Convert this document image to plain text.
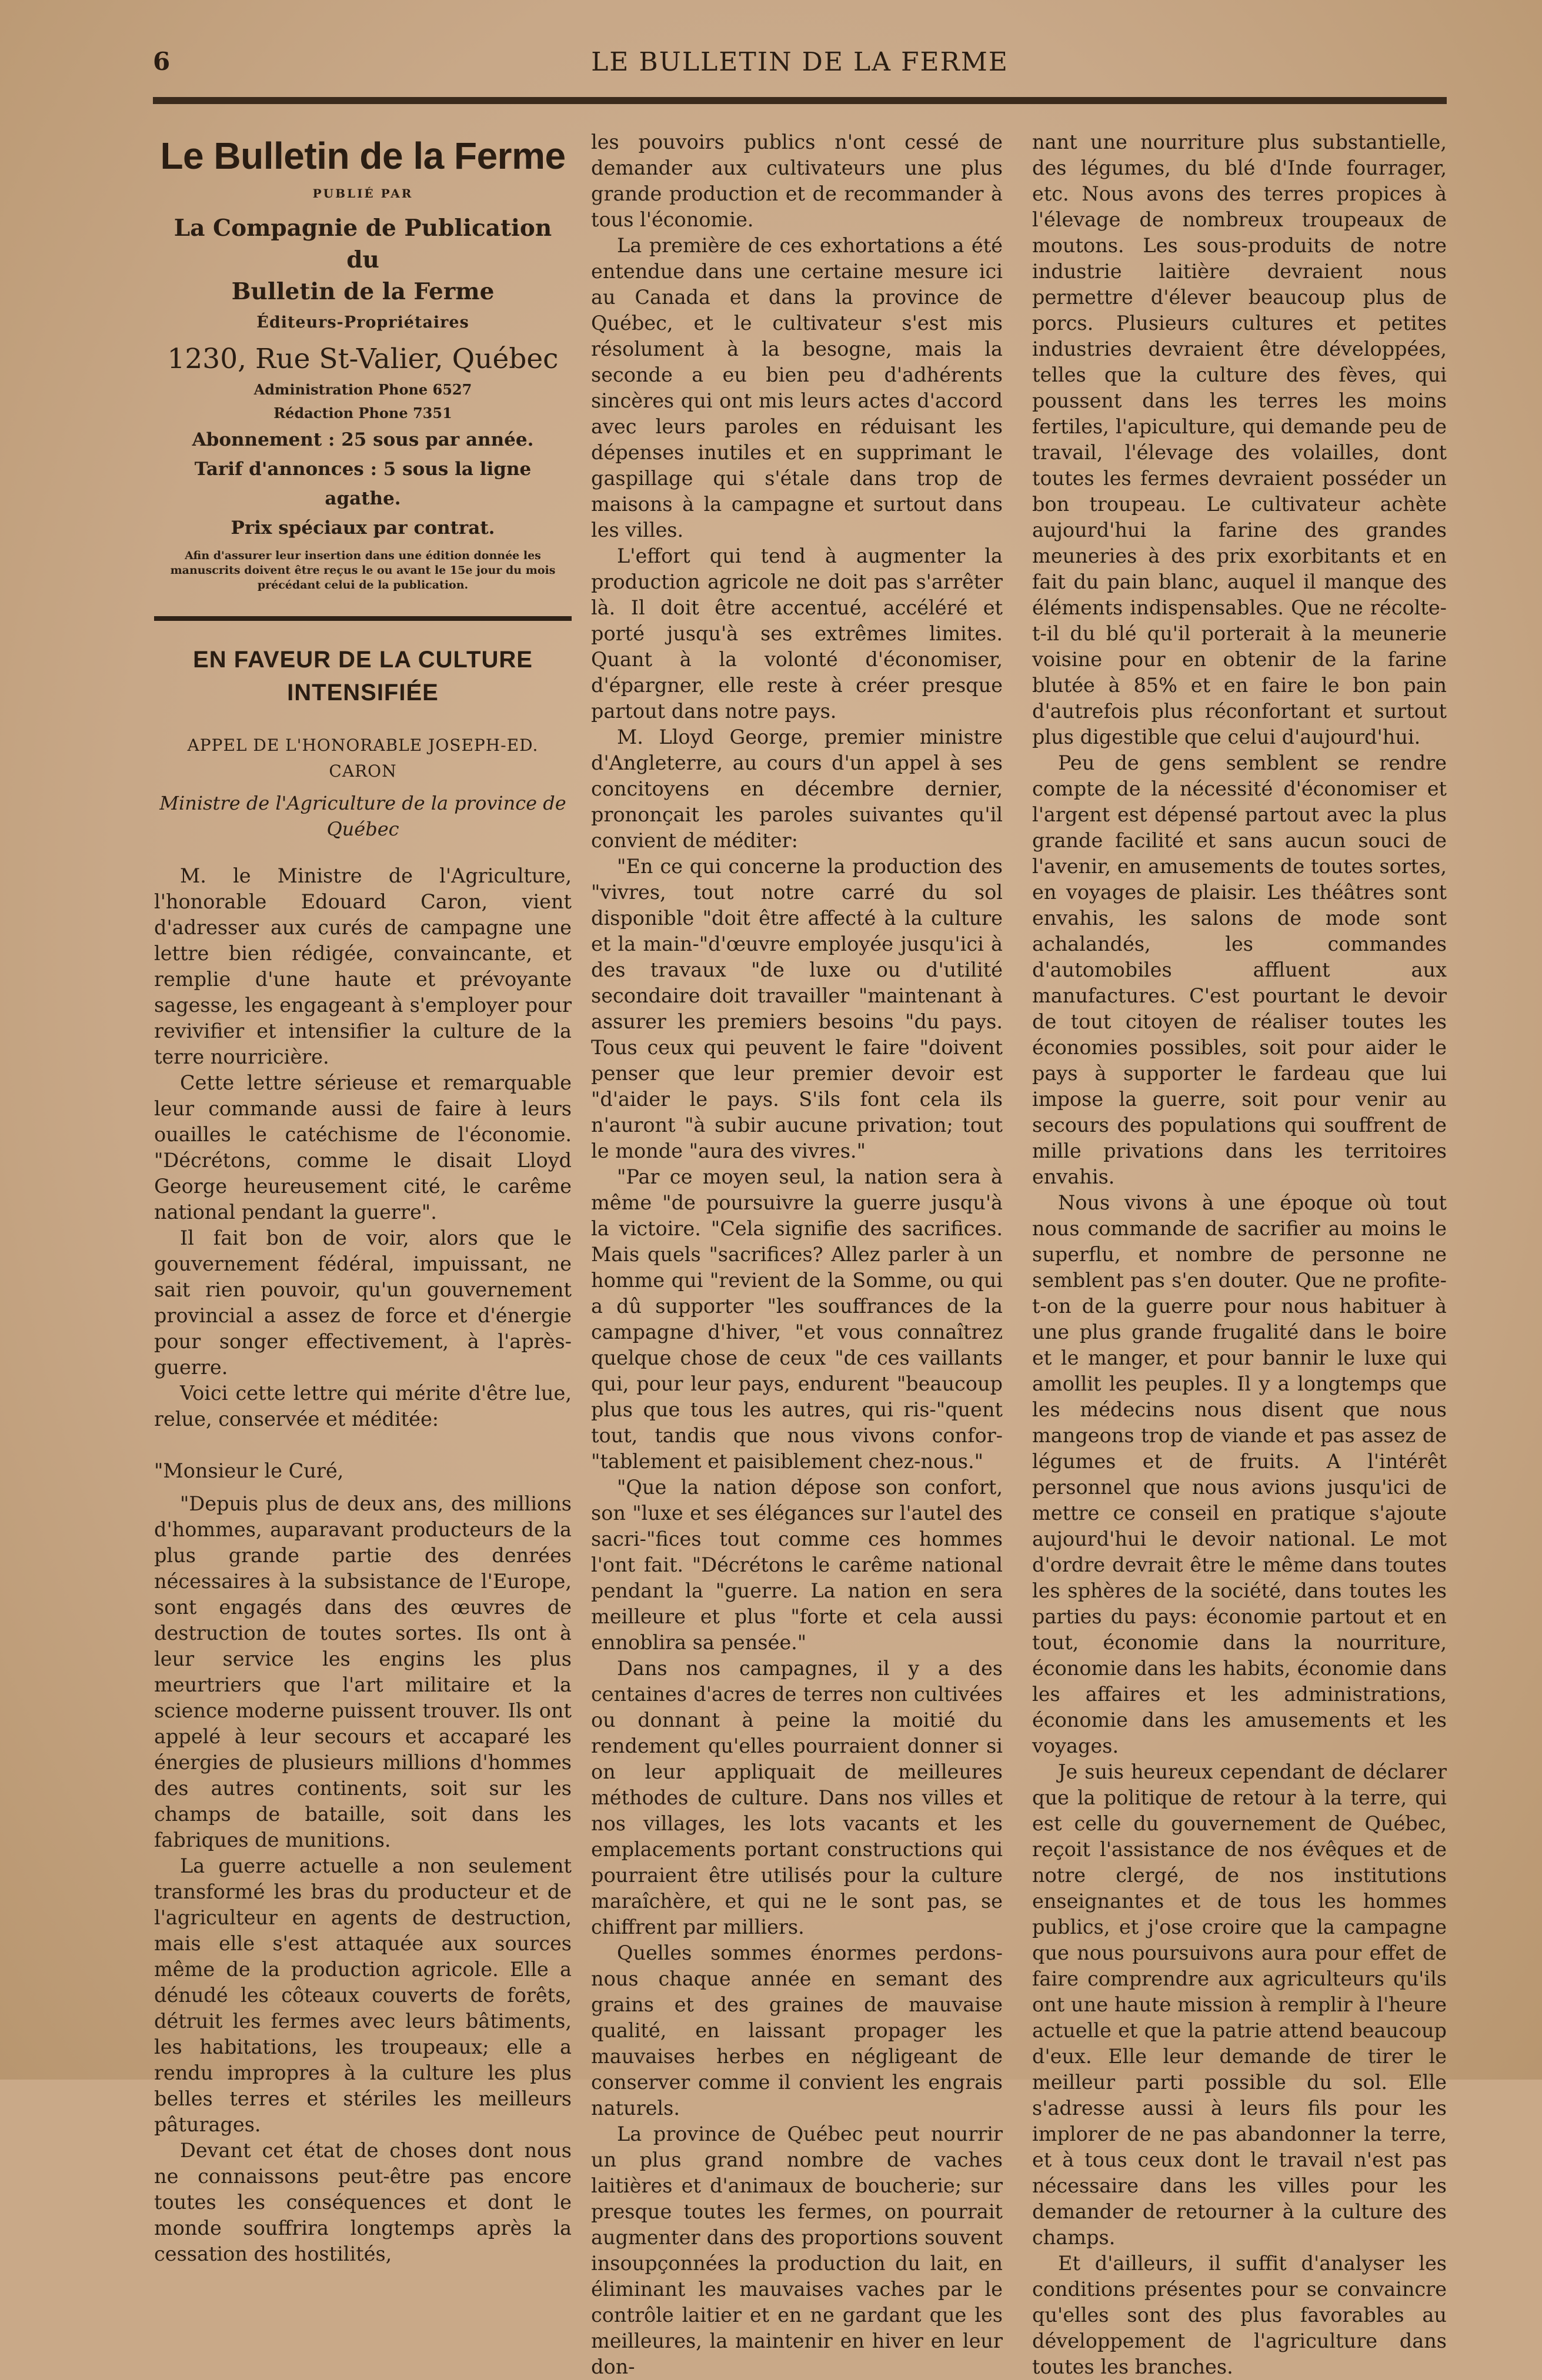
6	LE BULLETIN DE LA FERME
Le Bulletin de la Ferme
PUBLIÉ PAR
La Compagnie de Publication du
Bulletin de la Ferme
Éditeurs-Propriétaires
1230, Rue St-Valier, Québec
Administration Phone 6527
Rédaction Phone 7351
Abonnement : 25 sous par année.
Tarif d'annonces : 5 sous la ligne agathe.
Prix spéciaux par contrat.
Afin d'assurer leur insertion dans une édition donnée les manuscrits doivent être reçus le ou avant le 15e jour du mois précédant celui de la publication.
EN FAVEUR DE LA CULTURE INTENSIFIÉE
APPEL DE L'HONORABLE JOSEPH-ED. CARON
Ministre de l'Agriculture de la province de Québec

M. le Ministre de l'Agriculture, l'honorable Edouard Caron, vient d'adresser aux curés de campagne une lettre bien rédigée, convaincante, et remplie d'une haute et prévoyante sagesse, les engageant à s'employer pour revivifier et intensifier la culture de la terre nourricière.

Cette lettre sérieuse et remarquable leur commande aussi de faire à leurs ouailles le catéchisme de l'économie. "Décrétons, comme le disait Lloyd George heureusement cité, le carême national pendant la guerre".

Il fait bon de voir, alors que le gouvernement fédéral, impuissant, ne sait rien pouvoir, qu'un gouvernement provincial a assez de force et d'énergie pour songer effectivement, à l'après-guerre.

Voici cette lettre qui mérite d'être lue, relue, conservée et méditée:

"Monsieur le Curé,

"Depuis plus de deux ans, des millions d'hommes, auparavant producteurs de la plus grande partie des denrées nécessaires à la subsistance de l'Europe, sont engagés dans des œuvres de destruction de toutes sortes. Ils ont à leur service les engins les plus meurtriers que l'art militaire et la science moderne puissent trouver. Ils ont appelé à leur secours et accaparé les énergies de plusieurs millions d'hommes des autres continents, soit sur les champs de bataille, soit dans les fabriques de munitions.

La guerre actuelle a non seulement transformé les bras du producteur et de l'agriculteur en agents de destruction, mais elle s'est attaquée aux sources même de la production agricole. Elle a dénudé les côteaux couverts de forêts, détruit les fermes avec leurs bâtiments, les habitations, les troupeaux; elle a rendu impropres à la culture les plus belles terres et stériles les meilleurs pâturages.

Devant cet état de choses dont nous ne connaissons peut-être pas encore toutes les conséquences et dont le monde souffrira longtemps après la cessation des hostilités,

les pouvoirs publics n'ont cessé de demander aux cultivateurs une plus grande production et de recommander à tous l'économie.

La première de ces exhortations a été entendue dans une certaine mesure ici au Canada et dans la province de Québec, et le cultivateur s'est mis résolument à la besogne, mais la seconde a eu bien peu d'adhérents sincères qui ont mis leurs actes d'accord avec leurs paroles en réduisant les dépenses inutiles et en supprimant le gaspillage qui s'étale dans trop de maisons à la campagne et surtout dans les villes.

L'effort qui tend à augmenter la production agricole ne doit pas s'arrêter là. Il doit être accentué, accéléré et porté jusqu'à ses extrêmes limites. Quant à la volonté d'économiser, d'épargner, elle reste à créer presque partout dans notre pays.

M. Lloyd George, premier ministre d'Angleterre, au cours d'un appel à ses concitoyens en décembre dernier, prononçait les paroles suivantes qu'il convient de méditer:

"En ce qui concerne la production des "vivres, tout notre carré du sol disponible "doit être affecté à la culture et la main-"d'œuvre employée jusqu'ici à des travaux "de luxe ou d'utilité secondaire doit travailler "maintenant à assurer les premiers besoins "du pays. Tous ceux qui peuvent le faire "doivent penser que leur premier devoir est "d'aider le pays. S'ils font cela ils n'auront "à subir aucune privation; tout le monde "aura des vivres."

"Par ce moyen seul, la nation sera à même "de poursuivre la guerre jusqu'à la victoire. "Cela signifie des sacrifices. Mais quels "sacrifices? Allez parler à un homme qui "revient de la Somme, ou qui a dû supporter "les souffrances de la campagne d'hiver, "et vous connaîtrez quelque chose de ceux "de ces vaillants qui, pour leur pays, endurent "beaucoup plus que tous les autres, qui ris-"quent tout, tandis que nous vivons confor-"tablement et paisiblement chez-nous."

"Que la nation dépose son confort, son "luxe et ses élégances sur l'autel des sacri-"fices tout comme ces hommes l'ont fait. "Décrétons le carême national pendant la "guerre. La nation en sera meilleure et plus "forte et cela aussi ennoblira sa pensée."

Dans nos campagnes, il y a des centaines d'acres de terres non cultivées ou donnant à peine la moitié du rendement qu'elles pourraient donner si on leur appliquait de meilleures méthodes de culture. Dans nos villes et nos villages, les lots vacants et les emplacements portant constructions qui pourraient être utilisés pour la culture maraîchère, et qui ne le sont pas, se chiffrent par milliers.

Quelles sommes énormes perdons-nous chaque année en semant des grains et des graines de mauvaise qualité, en laissant propager les mauvaises herbes en négligeant de conserver comme il convient les engrais naturels.

La province de Québec peut nourrir un plus grand nombre de vaches laitières et d'animaux de boucherie; sur presque toutes les fermes, on pourrait augmenter dans des proportions souvent insoupçonnées la production du lait, en éliminant les mauvaises vaches par le contrôle laitier et en ne gardant que les meilleures, la maintenir en hiver en leur don-

nant une nourriture plus substantielle, des légumes, du blé d'Inde fourrager, etc. Nous avons des terres propices à l'élevage de nombreux troupeaux de moutons. Les sous-produits de notre industrie laitière devraient nous permettre d'élever beaucoup plus de porcs. Plusieurs cultures et petites industries devraient être développées, telles que la culture des fèves, qui poussent dans les terres les moins fertiles, l'apiculture, qui demande peu de travail, l'élevage des volailles, dont toutes les fermes devraient posséder un bon troupeau. Le cultivateur achète aujourd'hui la farine des grandes meuneries à des prix exorbitants et en fait du pain blanc, auquel il manque des éléments indispensables. Que ne récolte-t-il du blé qu'il porterait à la meunerie voisine pour en obtenir de la farine blutée à 85% et en faire le bon pain d'autrefois plus réconfortant et surtout plus digestible que celui d'aujourd'hui.

Peu de gens semblent se rendre compte de la nécessité d'économiser et l'argent est dépensé partout avec la plus grande facilité et sans aucun souci de l'avenir, en amusements de toutes sortes, en voyages de plaisir. Les théâtres sont envahis, les salons de mode sont achalandés, les commandes d'automobiles affluent aux manufactures. C'est pourtant le devoir de tout citoyen de réaliser toutes les économies possibles, soit pour aider le pays à supporter le fardeau que lui impose la guerre, soit pour venir au secours des populations qui souffrent de mille privations dans les territoires envahis.

Nous vivons à une époque où tout nous commande de sacrifier au moins le superflu, et nombre de personne ne semblent pas s'en douter. Que ne profite-t-on de la guerre pour nous habituer à une plus grande frugalité dans le boire et le manger, et pour bannir le luxe qui amollit les peuples. Il y a longtemps que les médecins nous disent que nous mangeons trop de viande et pas assez de légumes et de fruits. A l'intérêt personnel que nous avions jusqu'ici de mettre ce conseil en pratique s'ajoute aujourd'hui le devoir national. Le mot d'ordre devrait être le même dans toutes les sphères de la société, dans toutes les parties du pays: économie partout et en tout, économie dans la nourriture, économie dans les habits, économie dans les affaires et les administrations, économie dans les amusements et les voyages.

Je suis heureux cependant de déclarer que la politique de retour à la terre, qui est celle du gouvernement de Québec, reçoit l'assistance de nos évêques et de notre clergé, de nos institutions enseignantes et de tous les hommes publics, et j'ose croire que la campagne que nous poursuivons aura pour effet de faire comprendre aux agriculteurs qu'ils ont une haute mission à remplir à l'heure actuelle et que la patrie attend beaucoup d'eux. Elle leur demande de tirer le meilleur parti possible du sol. Elle s'adresse aussi à leurs fils pour les implorer de ne pas abandonner la terre, et à tous ceux dont le travail n'est pas nécessaire dans les villes pour les demander de retourner à la culture des champs.

Et d'ailleurs, il suffit d'analyser les conditions présentes pour se convaincre qu'elles sont des plus favorables au développement de l'agriculture dans toutes les branches.
